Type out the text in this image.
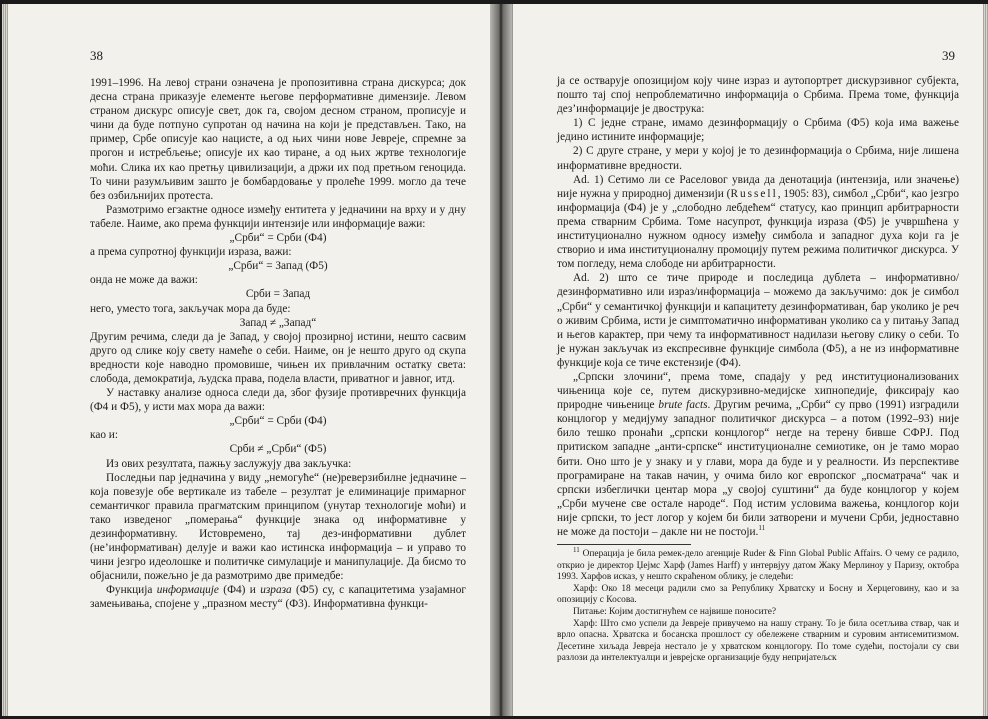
38

1991–1996. На левој страни означена је пропозитивна страна дискурса; док десна страна приказује елементе његове перформативне димензије. Левом страном дискурс описује свет, док га, својом десном страном, прописује и чини да буде потпуно супротан од начина на који је представљен. Тако, на пример, Србе описује као нацисте, а од њих чини нове Јевреје, спремне за прогон и истребљење; описује их као тиране, а од њих жртве технологије моћи. Слика их као претњу цивилизацији, а држи их под претњом геноцида. То чини разумљивим зашто је бомбардовање у пролеће 1999. могло да тече без озбиљнијих протеста.

Размотримо егзактне односе између ентитета у једначини на врху и у дну табеле. Наиме, ако према функцији интензије или информације важи:

„Срби“ = Срби (Ф4)

а према супротној функцији израза, важи:

„Срби“ = Запад (Ф5)

онда не може да важи:

Срби = Запад

него, уместо тога, закључак мора да буде:

Запад ≠ „Запад“

Другим речима, следи да је Запад, у својој прозирној истини, нешто сасвим друго од слике коју свету намеће о себи. Наиме, он је нешто друго од скупа вредности које наводно промовише, чињен их привлачним остатку света: слобода, демократија, људска права, подела власти, приватног и јавног, итд.

У наставку анализе односа следи да, због фузије противречних функција (Ф4 и Ф5), у исти мах мора да важи:

„Срби“ = Срби (Ф4)

као и:

Срби ≠ „Срби“ (Ф5)

Из ових резултата, пажњу заслужују два закључка:

Последњи пар једначина у виду „немогуће“ (не)реверзибилне једначине – која повезује обе вертикале из табеле – резултат је елиминације примарног семантичког правила прагматским принципом (унутар технологије моћи) и тако изведеног „померања“ функције знака од информативне у дезинформативну. Истовремено, тај дез-информативни дублет (не’информативан) делује и важи као истинска информација – и управо то чини језгро идеолошке и политичке симулације и манипулације. Да бисмо то објаснили, пожељно је да размотримо две примедбе:

Функција информације (Ф4) и израза (Ф5) су, с капацитетима узајамног замењивања, спојене у „празном месту“ (Ф3). Информативна функци-

39

ја се остварује опозицијом коју чине израз и аутопортрет дискурзивног субјекта, пошто тај спој непроблематично информација о Србима. Према томе, функција дез’информације је двострука:

1) С једне стране, имамо дезинформацију о Србима (Ф5) која има важење једино истините информације;

2) С друге стране, у мери у којој је то дезинформација о Србима, није лишена информативне вредности.

Ad. 1) Сетимо ли се Раселовог увида да денотација (интензија, или значење) није нужна у природној димензији (Russell, 1905: 83), симбол „Срби“, као језгро информација (Ф4) је у „слободно лебдећем“ статусу, као принцип арбитрарности према стварним Србима. Томе насупрот, функција израза (Ф5) је учвршћена у институционално нужном односу између симбола и западног духа који га је створио и има институционалну промоцију путем режима политичког дискурса. У том погледу, нема слободе ни арбитрарности.

Ad. 2) што се тиче природе и последица дублета – информативно/дезинформативно или израз/информација – можемо да закључимо: док је симбол „Срби“ у семантичкој функцији и капацитету дезинформативан, бар уколико је реч о живим Србима, исти је симптоматично информативан уколико са у питању Запад и његов карактер, при чему та информативност надилази његову слику о себи. То је нужан закључак из експресивне функције симбола (Ф5), а не из информативне функције која се тиче екстензије (Ф4).

„Српски злочини“, према томе, спадају у ред институционализованих чињеница које се, путем дискурзивно-медијске хипнопедије, фиксирају као природне чињенице brute facts. Другим речима, „Срби“ су прво (1991) изградили концлогор у медијуму западног политичког дискурса – а потом (1992–93) није било тешко пронаћи „српски концлогор“ негде на терену бивше СФРЈ. Под притиском западне „анти-српске“ институционалне семиотике, он је тамо морао бити. Оно што је у знаку и у глави, мора да буде и у реалности. Из перспективе програмиране на такав начин, у очима било ког европског „посматрача“ чак и српски избеглички центар мора „у својој суштини“ да буде концлогор у којем „Срби мучене све остале народе“. Под истим условима важења, концлогор који није српски, то јест логор у којем би били затворени и мучени Срби, једноставно не може да постоји – дакле ни не постоји.$^{11}$

$^{11}$ Операција је била ремек-дело агенције Ruder & Finn Global Public Affairs. О чему се радило, открио је директор Џејмс Харф (James Harff) у интервјуу датом Жаку Мерлиноу у Паризу, октобра 1993. Харфов исказ, у нешто скраћеном облику, је следећи:

Харф: Око 18 месеци радили смо за Републику Хрватску и Босну и Херцеговину, као и за опозицију с Косова.

Питање: Којим достигнућем се највише поносите?

Харф: Што смо успели да Јевреје привучемо на нашу страну. То је била осетљива ствар, чак и врло опасна. Хрватска и босанска прошлост су обележене стварним и суровим антисемитизмом. Десетине хиљада Јевреја нестало је у хрватском концлогору. По томе судећи, постојали су сви разлози да интелектуалци и јеврејске организације буду непријатељск
